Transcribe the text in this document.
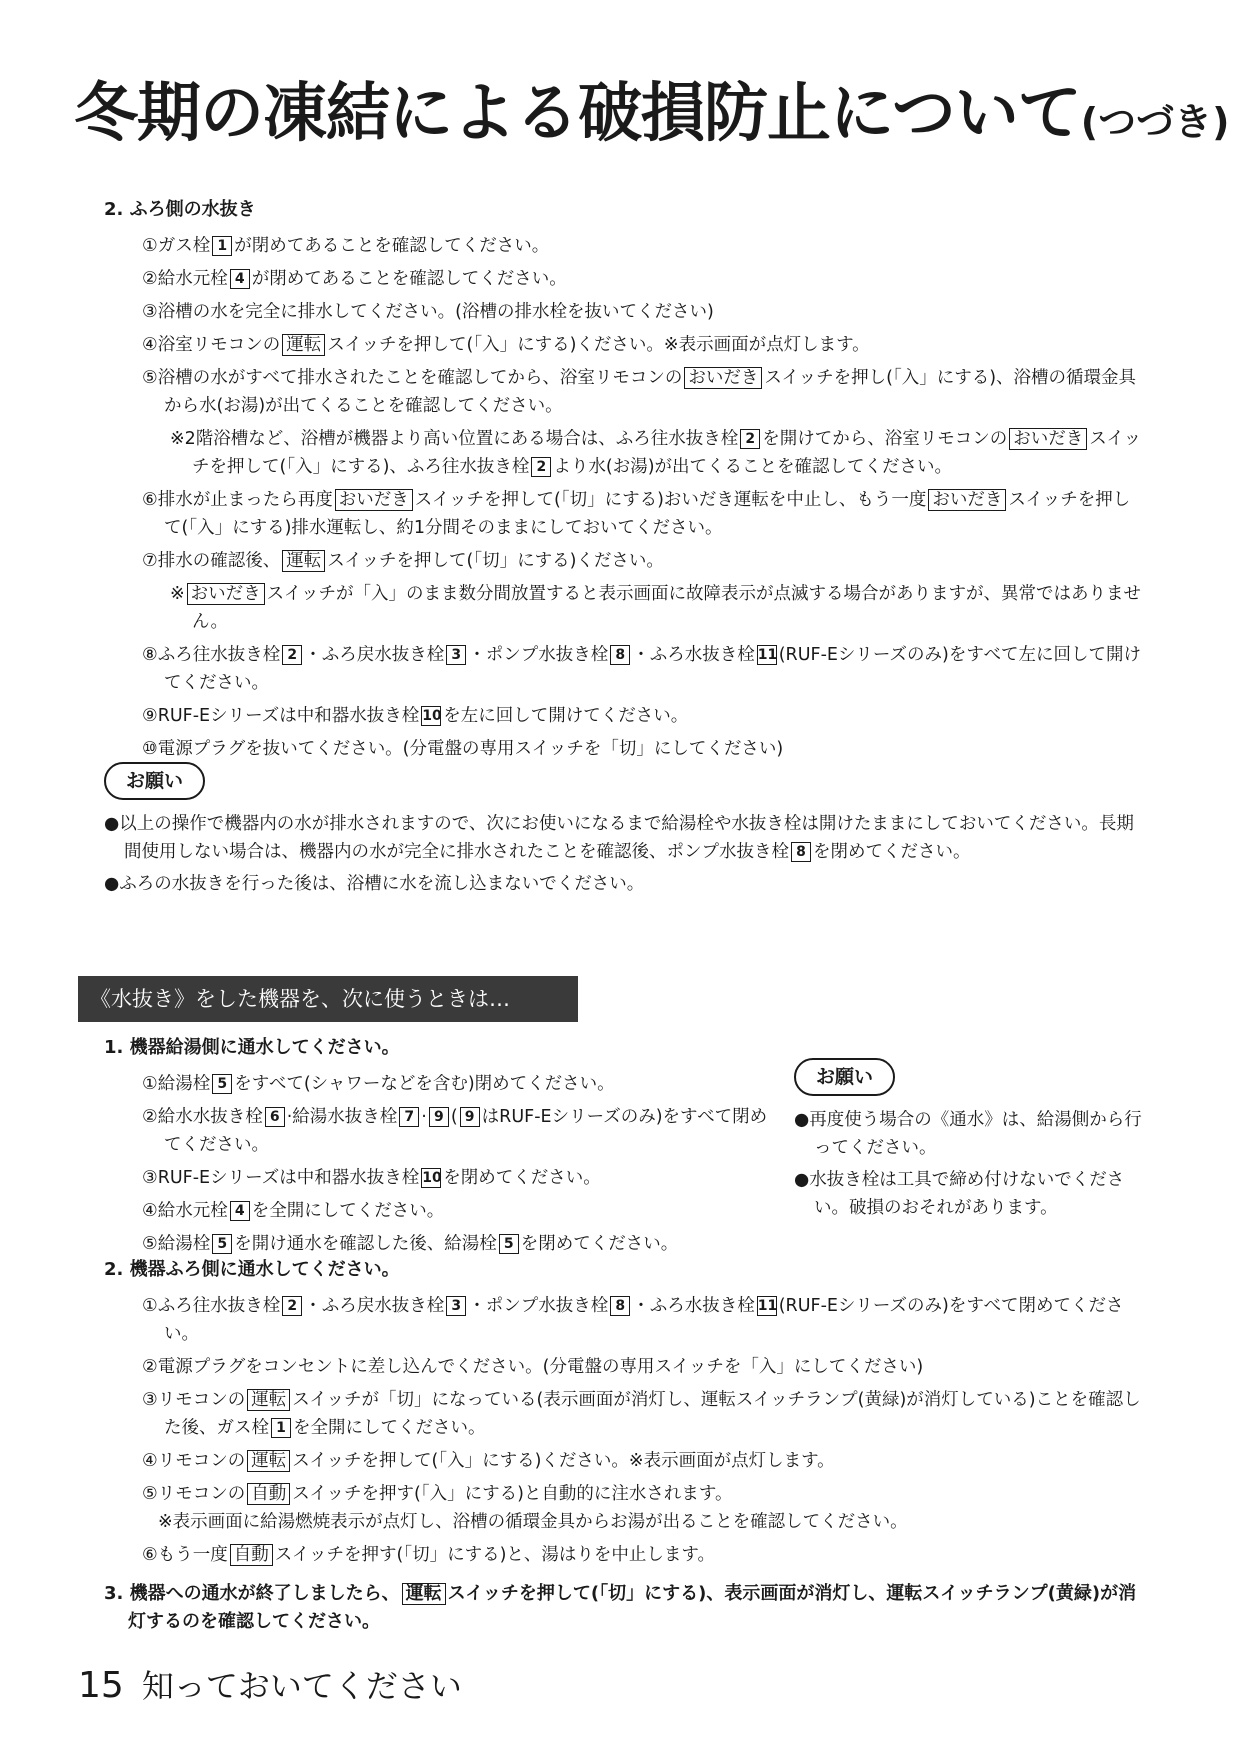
冬期の凍結による破損防止について(つづき)
2. ふろ側の水抜き
①ガス栓 1 が閉めてあることを確認してください。
②給水元栓 4 が閉めてあることを確認してください。
③浴槽の水を完全に排水してください。(浴槽の排水栓を抜いてください)
④浴室リモコンの 運転 スイッチを押して(「入」にする)ください。※表示画面が点灯します。
⑤浴槽の水がすべて排水されたことを確認してから、浴室リモコンの おいだき スイッチを押し(「入」にする)、浴槽の循環金具から水(お湯)が出てくることを確認してください。
※2階浴槽など、浴槽が機器より高い位置にある場合は、ふろ往水抜き栓 2 を開けてから、浴室リモコンの おいだき スイッチを押して(「入」にする)、ふろ往水抜き栓 2 より水(お湯)が出てくることを確認してください。
⑥排水が止まったら再度 おいだき スイッチを押して(「切」にする)おいだき運転を中止し、もう一度 おいだき スイッチを押して(「入」にする)排水運転し、約1分間そのままにしておいてください。
⑦排水の確認後、 運転 スイッチを押して(「切」にする)ください。
※ おいだき スイッチが「入」のまま数分間放置すると表示画面に故障表示が点滅する場合がありますが、異常ではありません。
⑧ふろ往水抜き栓 2 ・ふろ戻水抜き栓 3 ・ポンプ水抜き栓 8 ・ふろ水抜き栓 11(RUF-Eシリーズのみ)をすべて左に回して開けてください。
⑨RUF-Eシリーズは中和器水抜き栓 10を左に回して開けてください。
⑩電源プラグを抜いてください。(分電盤の専用スイッチを「切」にしてください)
お願い
●以上の操作で機器内の水が排水されますので、次にお使いになるまで給湯栓や水抜き栓は開けたままにしておいてください。長期間使用しない場合は、機器内の水が完全に排水されたことを確認後、ポンプ水抜き栓 8 を閉めてください。
●ふろの水抜きを行った後は、浴槽に水を流し込まないでください。
《水抜き》をした機器を、次に使うときは…
1. 機器給湯側に通水してください。
①給湯栓 5 をすべて(シャワーなどを含む)閉めてください。
②給水水抜き栓 6 ·給湯水抜き栓 7 · 9 ( 9 はRUF-Eシリーズのみ)をすべて閉めてください。
③RUF-Eシリーズは中和器水抜き栓 10を閉めてください。
④給水元栓 4 を全開にしてください。
⑤給湯栓 5 を開け通水を確認した後、給湯栓 5 を閉めてください。
お願い
●再度使う場合の《通水》は、給湯側から行ってください。
●水抜き栓は工具で締め付けないでください。破損のおそれがあります。
2. 機器ふろ側に通水してください。
①ふろ往水抜き栓 2 ・ふろ戻水抜き栓 3 ・ポンプ水抜き栓 8 ・ふろ水抜き栓 11(RUF-Eシリーズのみ)をすべて閉めてください。
②電源プラグをコンセントに差し込んでください。(分電盤の専用スイッチを「入」にしてください)
③リモコンの 運転 スイッチが「切」になっている(表示画面が消灯し、運転スイッチランプ(黄緑)が消灯している)ことを確認した後、ガス栓 1 を全開にしてください。
④リモコンの 運転 スイッチを押して(「入」にする)ください。※表示画面が点灯します。
⑤リモコンの 自動 スイッチを押す(「入」にする)と自動的に注水されます。
※表示画面に給湯燃焼表示が点灯し、浴槽の循環金具からお湯が出ることを確認してください。
⑥もう一度 自動 スイッチを押す(「切」にする)と、湯はりを中止します。
3. 機器への通水が終了しましたら、 運転 スイッチを押して(「切」にする)、表示画面が消灯し、運転スイッチランプ(黄緑)が消灯するのを確認してください。
15 知っておいてください
